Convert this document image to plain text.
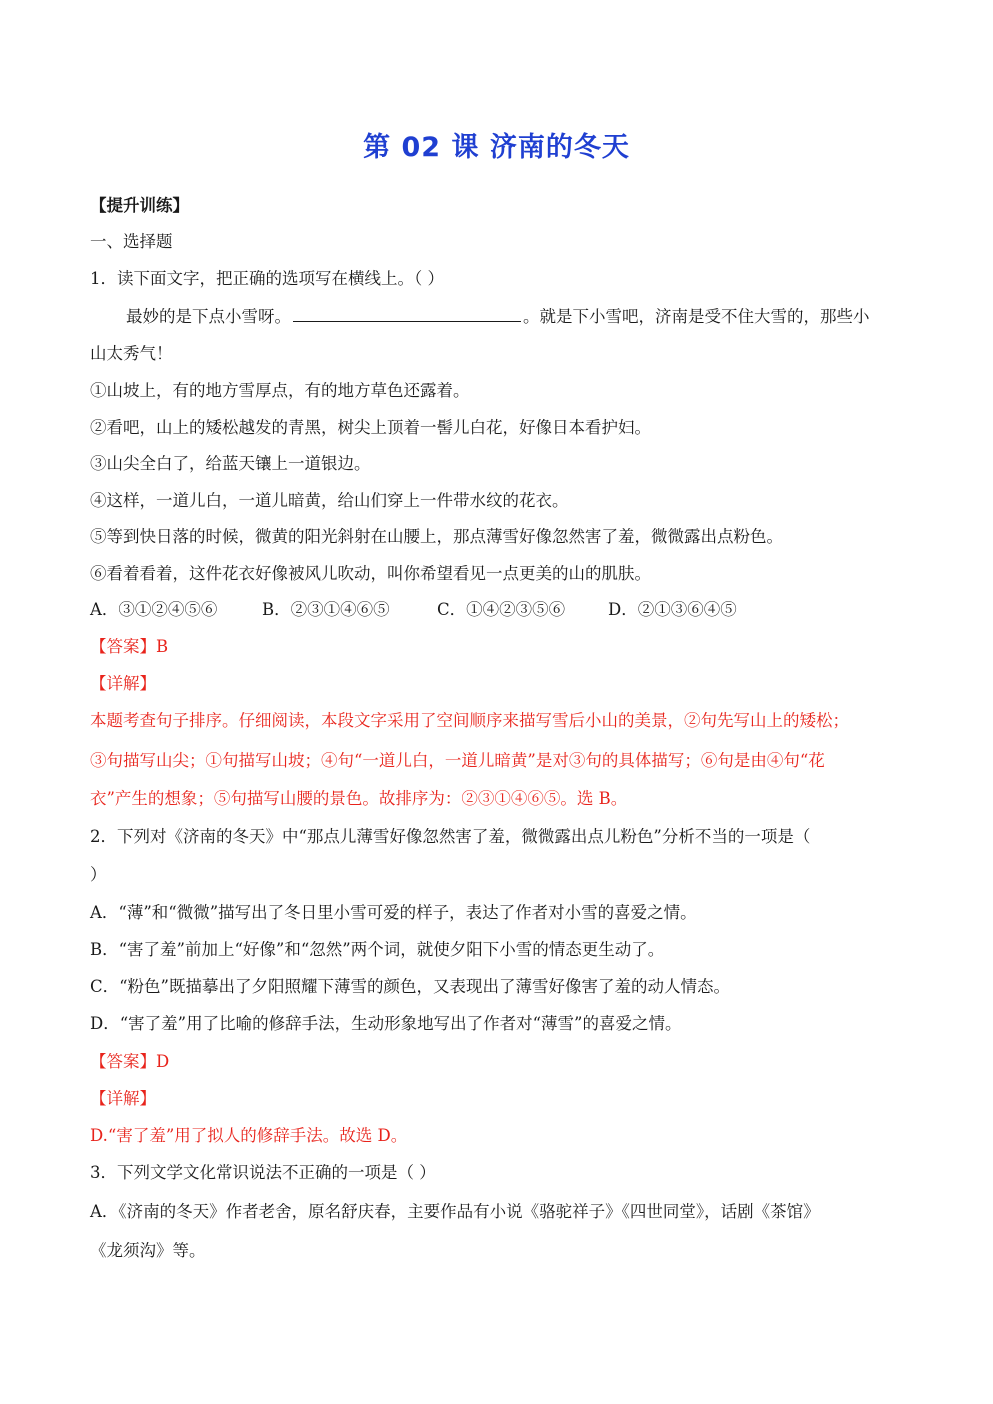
第 02 课 济南的冬天
【提升训练】
一、选择题
1．读下面文字，把正确的选项写在横线上。（ ）
最妙的是下点小雪呀。	。就是下小雪吧，济南是受不住大雪的，那些小
山太秀气！
①山坡上，有的地方雪厚点，有的地方草色还露着。
②看吧，山上的矮松越发的青黑，树尖上顶着一髻儿白花，好像日本看护妇。
③山尖全白了，给蓝天镶上一道银边。
④这样，一道儿白，一道儿暗黄，给山们穿上一件带水纹的花衣。
⑤等到快日落的时候，微黄的阳光斜射在山腰上，那点薄雪好像忽然害了羞，微微露出点粉色。
⑥看着看着，这件花衣好像被风儿吹动，叫你希望看见一点更美的山的肌肤。
A．③①②④⑤⑥	B．②③①④⑥⑤	C．①④②③⑤⑥	D．②①③⑥④⑤
【答案】B
【详解】
本题考查句子排序。仔细阅读，本段文字采用了空间顺序来描写雪后小山的美景，②句先写山上的矮松；
③句描写山尖；①句描写山坡；④句“一道儿白，一道儿暗黄”是对③句的具体描写；⑥句是由④句“花
衣”产生的想象；⑤句描写山腰的景色。故排序为：②③①④⑥⑤。选 B。
2．下列对《济南的冬天》中“那点儿薄雪好像忽然害了羞，微微露出点儿粉色”分析不当的一项是（
）
A．“薄”和“微微”描写出了冬日里小雪可爱的样子，表达了作者对小雪的喜爱之情。
B．“害了羞”前加上“好像”和“忽然”两个词，就使夕阳下小雪的情态更生动了。
C．“粉色”既描摹出了夕阳照耀下薄雪的颜色，又表现出了薄雪好像害了羞的动人情态。
D．“害了羞”用了比喻的修辞手法，生动形象地写出了作者对“薄雪”的喜爱之情。
【答案】D
【详解】
D.“害了羞”用了拟人的修辞手法。故选 D。
3．下列文学文化常识说法不正确的一项是（ ）
A．《济南的冬天》作者老舍，原名舒庆春，主要作品有小说《骆驼祥子》《四世同堂》，话剧《茶馆》
《龙须沟》等。
